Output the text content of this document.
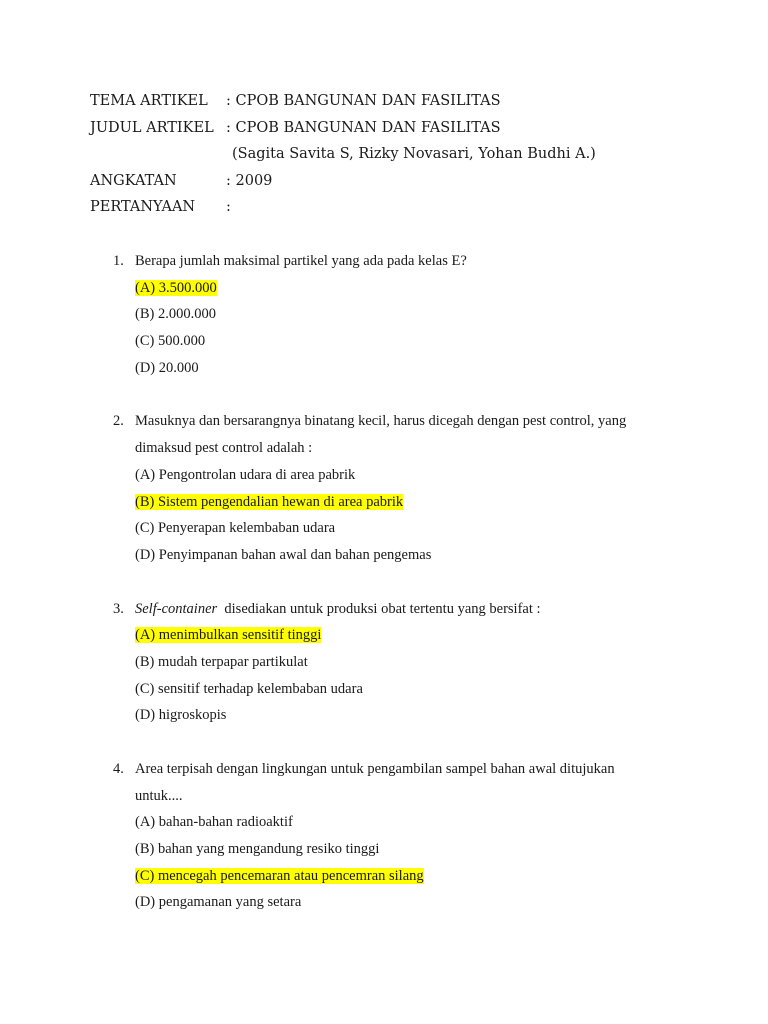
TEMA ARTIKEL : CPOB BANGUNAN DAN FASILITAS
JUDUL ARTIKEL : CPOB BANGUNAN DAN FASILITAS
(Sagita Savita S, Rizky Novasari, Yohan Budhi A.)
ANGKATAN	: 2009
PERTANYAAN :
1. Berapa jumlah maksimal partikel yang ada pada kelas E?
(A) 3.500.000
(B) 2.000.000
(C) 500.000
(D) 20.000
2. Masuknya dan bersarangnya binatang kecil, harus dicegah dengan pest control, yang
dimaksud pest control adalah :
(A) Pengontrolan udara di area pabrik
(B) Sistem pengendalian hewan di area pabrik
(C) Penyerapan kelembaban udara
(D) Penyimpanan bahan awal dan bahan pengemas
3. Self-container  disediakan untuk produksi obat tertentu yang bersifat :
(A) menimbulkan sensitif tinggi
(B) mudah terpapar partikulat
(C) sensitif terhadap kelembaban udara
(D) higroskopis
4. Area terpisah dengan lingkungan untuk pengambilan sampel bahan awal ditujukan
untuk....
(A) bahan-bahan radioaktif
(B) bahan yang mengandung resiko tinggi
(C) mencegah pencemaran atau pencemran silang
(D) pengamanan yang setara
